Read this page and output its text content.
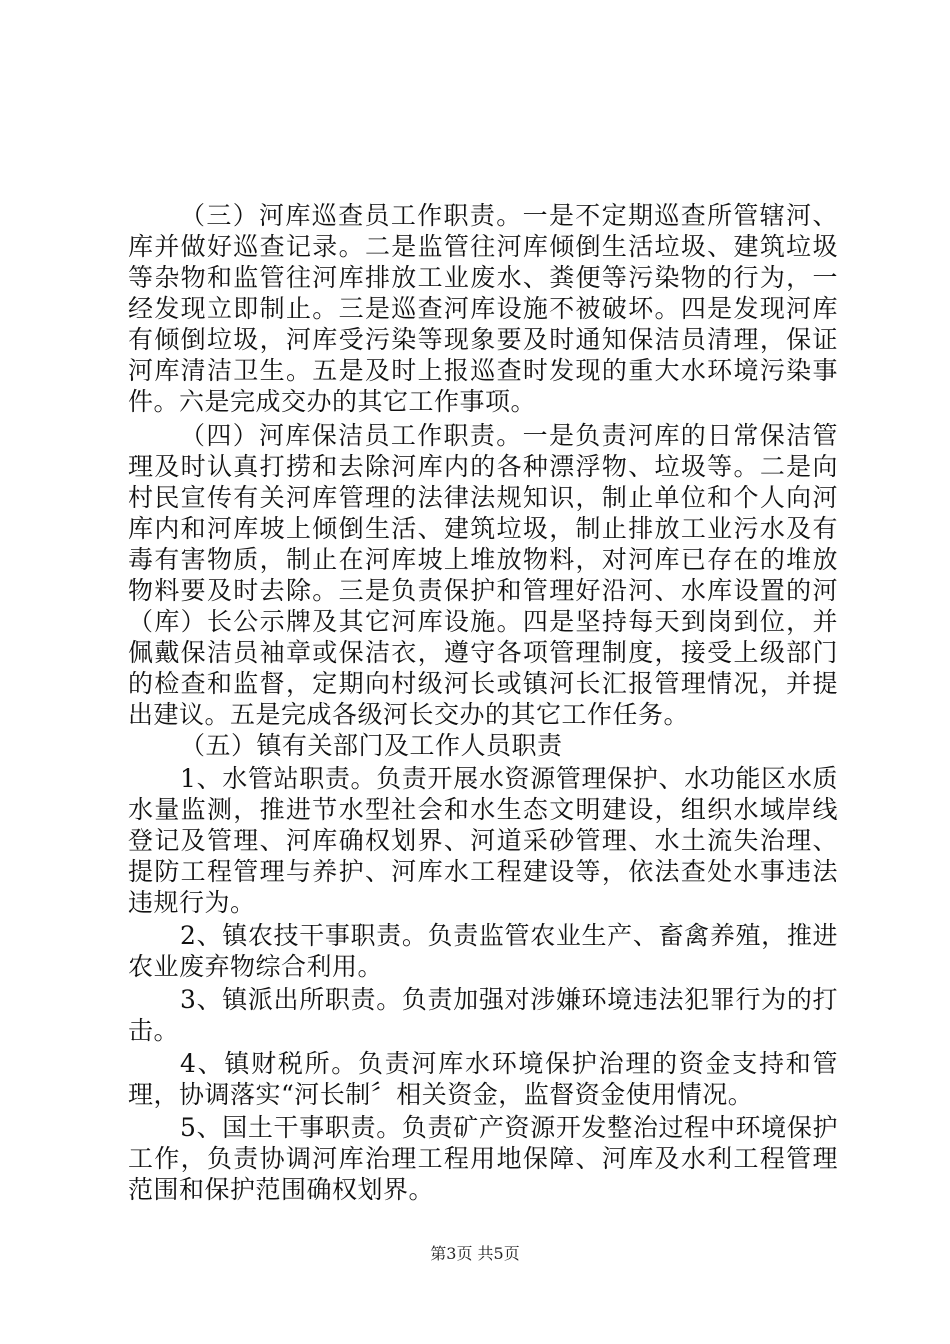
（三）河库巡查员工作职责。一是不定期巡查所管辖河、库并做好巡查记录。二是监管往河库倾倒生活垃圾、建筑垃圾等杂物和监管往河库排放工业废水、粪便等污染物的行为，一经发现立即制止。三是巡查河库设施不被破坏。四是发现河库有倾倒垃圾，河库受污染等现象要及时通知保洁员清理，保证河库清洁卫生。五是及时上报巡查时发现的重大水环境污染事件。六是完成交办的其它工作事项。

（四）河库保洁员工作职责。一是负责河库的日常保洁管理及时认真打捞和去除河库内的各种漂浮物、垃圾等。二是向村民宣传有关河库管理的法律法规知识，制止单位和个人向河库内和河库坡上倾倒生活、建筑垃圾，制止排放工业污水及有毒有害物质，制止在河库坡上堆放物料，对河库已存在的堆放物料要及时去除。三是负责保护和管理好沿河、水库设置的河（库）长公示牌及其它河库设施。四是坚持每天到岗到位，并佩戴保洁员袖章或保洁衣，遵守各项管理制度，接受上级部门的检查和监督，定期向村级河长或镇河长汇报管理情况，并提出建议。五是完成各级河长交办的其它工作任务。

（五）镇有关部门及工作人员职责

1、水管站职责。负责开展水资源管理保护、水功能区水质水量监测，推进节水型社会和水生态文明建设，组织水域岸线登记及管理、河库确权划界、河道采砂管理、水土流失治理、提防工程管理与养护、河库水工程建设等，依法查处水事违法违规行为。

2、镇农技干事职责。负责监管农业生产、畜禽养殖，推进农业废弃物综合利用。

3、镇派出所职责。负责加强对涉嫌环境违法犯罪行为的打击。

4、镇财税所。负责河库水环境保护治理的资金支持和管理，协调落实“河长制〞相关资金，监督资金使用情况。

5、国土干事职责。负责矿产资源开发整治过程中环境保护工作，负责协调河库治理工程用地保障、河库及水利工程管理范围和保护范围确权划界。

第3页 共5页
